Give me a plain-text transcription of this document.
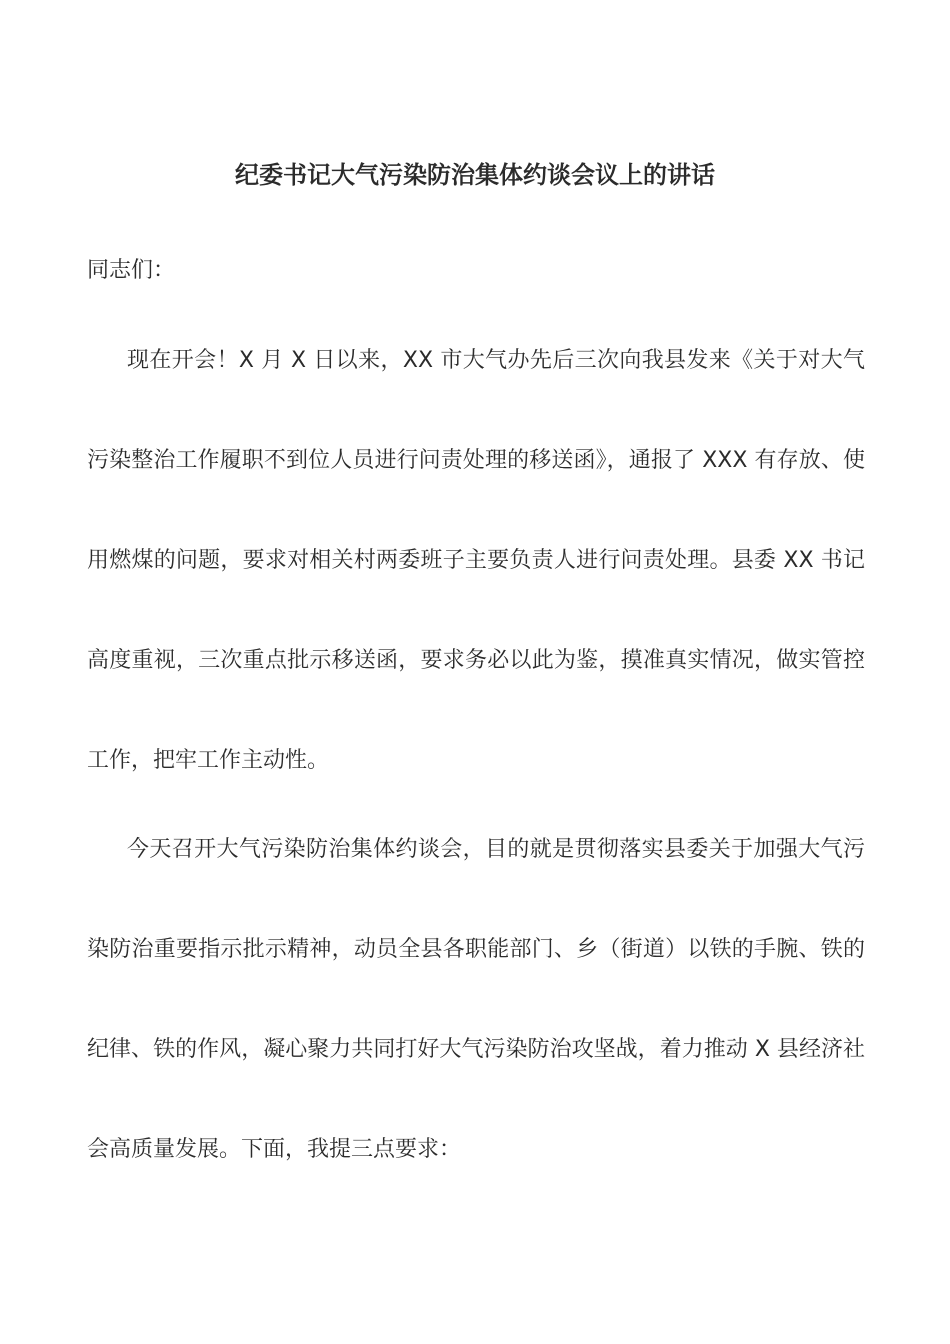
纪委书记大气污染防治集体约谈会议上的讲话

同志们：

现在开会！X 月 X 日以来，XX 市大气办先后三次向我县发来《关于对大气污染整治工作履职不到位人员进行问责处理的移送函》，通报了 XXX 有存放、使用燃煤的问题，要求对相关村两委班子主要负责人进行问责处理。县委 XX 书记高度重视，三次重点批示移送函，要求务必以此为鉴，摸准真实情况，做实管控工作，把牢工作主动性。

今天召开大气污染防治集体约谈会，目的就是贯彻落实县委关于加强大气污染防治重要指示批示精神，动员全县各职能部门、乡（街道）以铁的手腕、铁的纪律、铁的作风，凝心聚力共同打好大气污染防治攻坚战，着力推动 X 县经济社会高质量发展。下面，我提三点要求：
